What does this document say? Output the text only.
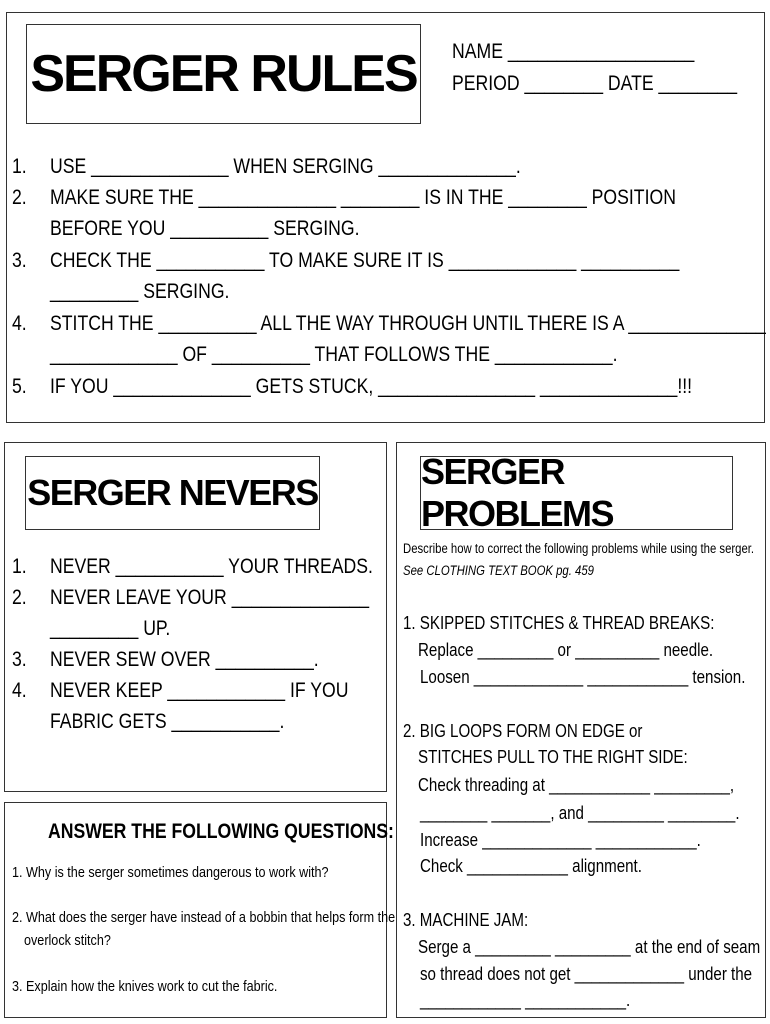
SERGER RULES NAME ___________________
PERIOD ________ DATE ________
1. USE ______________ WHEN SERGING ______________.
2. MAKE SURE THE ______________ ________ IS IN THE ________ POSITION
BEFORE YOU __________ SERGING.
3. CHECK THE ___________ TO MAKE SURE IT IS _____________ __________
_________ SERGING.
4. STITCH THE __________ ALL THE WAY THROUGH UNTIL THERE IS A ______________
_____________ OF __________ THAT FOLLOWS THE ____________.
5. IF YOU ______________ GETS STUCK, ________________ ______________!!!
SERGER NEVERS
1. NEVER ___________ YOUR THREADS.
2. NEVER LEAVE YOUR ______________
_________ UP.
3. NEVER SEW OVER __________.
4. NEVER KEEP ____________ IF YOU
FABRIC GETS ___________.
ANSWER THE FOLLOWING QUESTIONS:
1. Why is the serger sometimes dangerous to work with?
2. What does the serger have instead of a bobbin that helps form the
overlock stitch?
3. Explain how the knives work to cut the fabric.
SERGER PROBLEMS
Describe how to correct the following problems while using the serger.
See CLOTHING TEXT BOOK pg. 459
1. SKIPPED STITCHES & THREAD BREAKS:
Replace _________ or __________ needle.
Loosen _____________ ____________ tension.
2. BIG LOOPS FORM ON EDGE or
STITCHES PULL TO THE RIGHT SIDE:
Check threading at ____________ _________,
________ _______, and _________ ________.
Increase _____________ ____________.
Check ____________ alignment.
3. MACHINE JAM:
Serge a _________ _________ at the end of seam
so thread does not get _____________ under the
____________ ____________.
